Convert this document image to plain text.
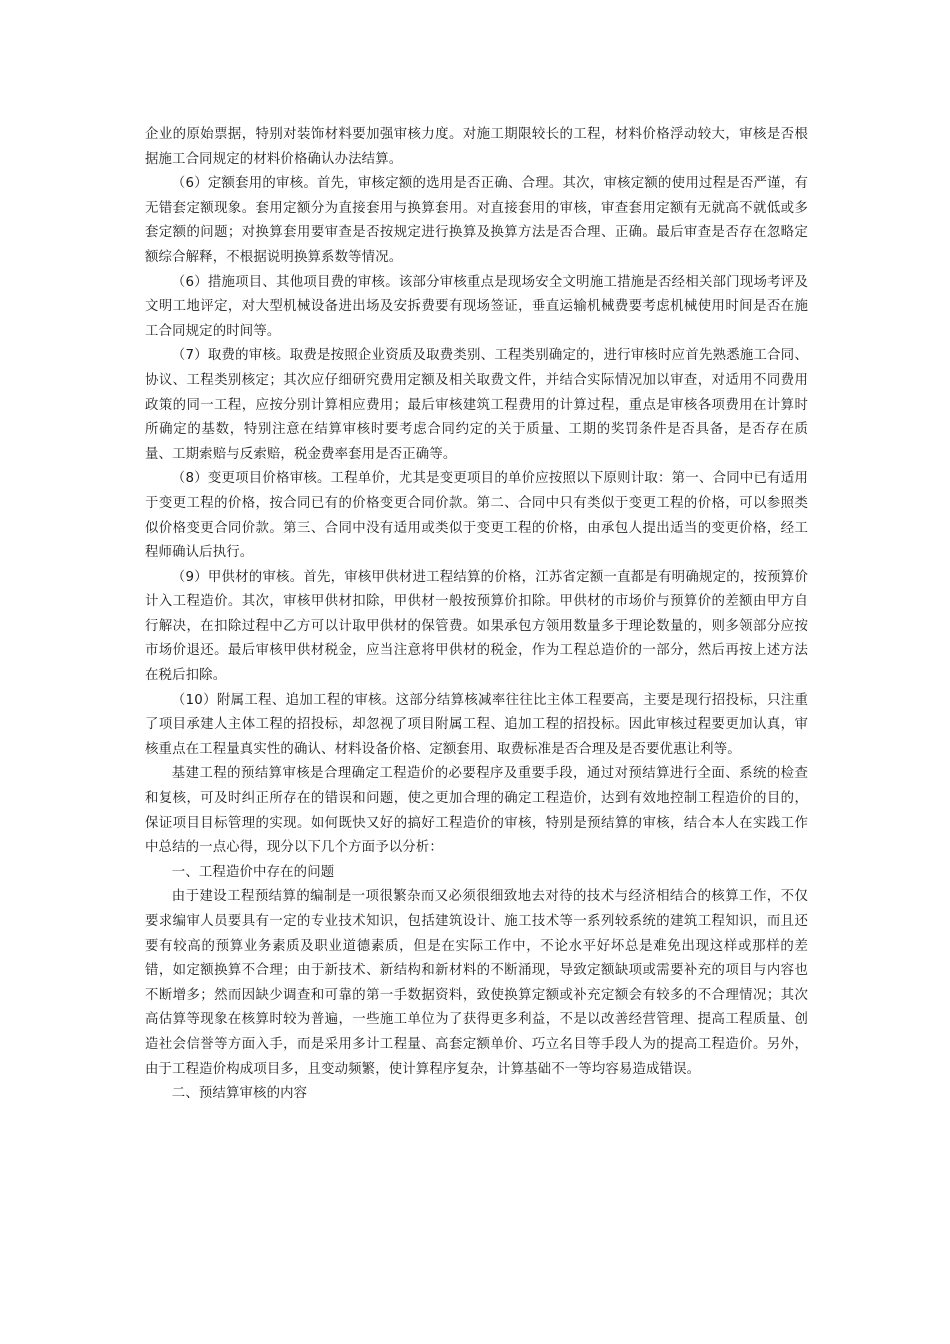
企业的原始票据，特别对装饰材料要加强审核力度。对施工期限较长的工程，材料价格浮动较大，审核是否根据施工合同规定的材料价格确认办法结算。

（6）定额套用的审核。首先，审核定额的选用是否正确、合理。其次，审核定额的使用过程是否严谨，有无错套定额现象。套用定额分为直接套用与换算套用。对直接套用的审核，审查套用定额有无就高不就低或多套定额的问题；对换算套用要审查是否按规定进行换算及换算方法是否合理、正确。最后审查是否存在忽略定额综合解释，不根据说明换算系数等情况。

（6）措施项目、其他项目费的审核。该部分审核重点是现场安全文明施工措施是否经相关部门现场考评及文明工地评定，对大型机械设备进出场及安拆费要有现场签证，垂直运输机械费要考虑机械使用时间是否在施工合同规定的时间等。

（7）取费的审核。取费是按照企业资质及取费类别、工程类别确定的，进行审核时应首先熟悉施工合同、协议、工程类别核定；其次应仔细研究费用定额及相关取费文件，并结合实际情况加以审查，对适用不同费用政策的同一工程，应按分别计算相应费用；最后审核建筑工程费用的计算过程，重点是审核各项费用在计算时所确定的基数，特别注意在结算审核时要考虑合同约定的关于质量、工期的奖罚条件是否具备，是否存在质量、工期索赔与反索赔，税金费率套用是否正确等。

（8）变更项目价格审核。工程单价，尤其是变更项目的单价应按照以下原则计取：第一、合同中已有适用于变更工程的价格，按合同已有的价格变更合同价款。第二、合同中只有类似于变更工程的价格，可以参照类似价格变更合同价款。第三、合同中没有适用或类似于变更工程的价格，由承包人提出适当的变更价格，经工程师确认后执行。

（9）甲供材的审核。首先，审核甲供材进工程结算的价格，江苏省定额一直都是有明确规定的，按预算价计入工程造价。其次，审核甲供材扣除，甲供材一般按预算价扣除。甲供材的市场价与预算价的差额由甲方自行解决，在扣除过程中乙方可以计取甲供材的保管费。如果承包方领用数量多于理论数量的，则多领部分应按市场价退还。最后审核甲供材税金，应当注意将甲供材的税金，作为工程总造价的一部分，然后再按上述方法在税后扣除。

（10）附属工程、追加工程的审核。这部分结算核减率往往比主体工程要高，主要是现行招投标，只注重了项目承建人主体工程的招投标，却忽视了项目附属工程、追加工程的招投标。因此审核过程要更加认真，审核重点在工程量真实性的确认、材料设备价格、定额套用、取费标准是否合理及是否要优惠让利等。

基建工程的预结算审核是合理确定工程造价的必要程序及重要手段，通过对预结算进行全面、系统的检查和复核，可及时纠正所存在的错误和问题，使之更加合理的确定工程造价，达到有效地控制工程造价的目的，保证项目目标管理的实现。如何既快又好的搞好工程造价的审核，特别是预结算的审核，结合本人在实践工作中总结的一点心得，现分以下几个方面予以分析：

一、工程造价中存在的问题

由于建设工程预结算的编制是一项很繁杂而又必须很细致地去对待的技术与经济相结合的核算工作，不仅要求编审人员要具有一定的专业技术知识，包括建筑设计、施工技术等一系列较系统的建筑工程知识，而且还要有较高的预算业务素质及职业道德素质，但是在实际工作中，不论水平好坏总是难免出现这样或那样的差错，如定额换算不合理；由于新技术、新结构和新材料的不断涌现，导致定额缺项或需要补充的项目与内容也不断增多；然而因缺少调查和可靠的第一手数据资料，致使换算定额或补充定额会有较多的不合理情况；其次高估算等现象在核算时较为普遍，一些施工单位为了获得更多利益，不是以改善经营管理、提高工程质量、创造社会信誉等方面入手，而是采用多计工程量、高套定额单价、巧立名目等手段人为的提高工程造价。另外，由于工程造价构成项目多，且变动频繁，使计算程序复杂，计算基础不一等均容易造成错误。

二、预结算审核的内容
